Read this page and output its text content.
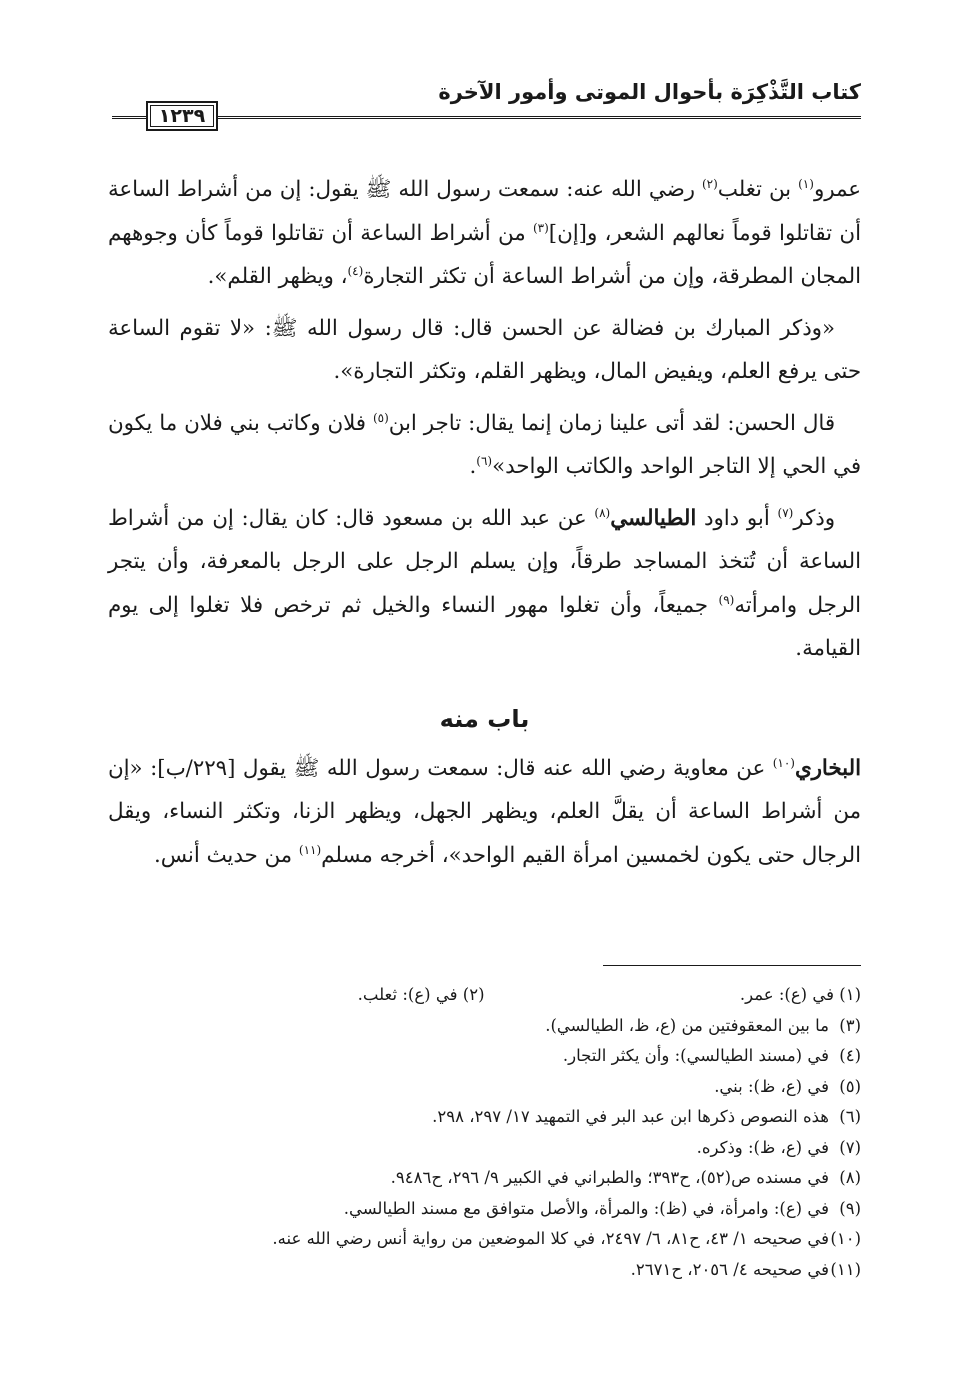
كتاب التَّذْكِرَة بأحوال الموتى وأمور الآخرة
١٢٣٩

عمرو$^{(١)}$ بن تغلب$^{(٢)}$ رضي الله عنه: سمعت رسول الله ﷺ يقول: إن من أشراط الساعة أن تقاتلوا قوماً نعالهم الشعر، و[إن]$^{(٣)}$ من أشراط الساعة أن تقاتلوا قوماً كأن وجوههم المجان المطرقة، وإن من أشراط الساعة أن تكثر التجارة$^{(٤)}$، ويظهر القلم».

«وذكر المبارك بن فضالة عن الحسن قال: قال رسول الله ﷺ: «لا تقوم الساعة حتى يرفع العلم، ويفيض المال، ويظهر القلم، وتكثر التجارة».

قال الحسن: لقد أتى علينا زمان إنما يقال: تاجر ابن$^{(٥)}$ فلان وكاتب بني فلان ما يكون في الحي إلا التاجر الواحد والكاتب الواحد»$^{(٦)}$.

وذكر$^{(٧)}$ أبو داود الطيالسي$^{(٨)}$ عن عبد الله بن مسعود قال: كان يقال: إن من أشراط الساعة أن تُتخذ المساجد طرقاً، وإن يسلم الرجل على الرجل بالمعرفة، وأن يتجر الرجل وامرأته$^{(٩)}$ جميعاً، وأن تغلوا مهور النساء والخيل ثم ترخص فلا تغلوا إلى يوم القيامة.

باب منه

البخاري$^{(١٠)}$ عن معاوية رضي الله عنه قال: سمعت رسول الله ﷺ يقول [٢٢٩/ب]: «إن من أشراط الساعة أن يقلَّ العلم، ويظهر الجهل، ويظهر الزنا، وتكثر النساء، ويقل الرجال حتى يكون لخمسين امرأة القيم الواحد»، أخرجه مسلم$^{(١١)}$ من حديث أنس.

(١) في (ع): عمر.
(٢) في (ع): ثعلب.
(٣)ما بين المعقوفتين من (ع، ظ، الطيالسي).
(٤)في (مسند الطيالسي): وأن يكثر التجار.
(٥)في (ع، ظ): بني.
(٦)هذه النصوص ذكرها ابن عبد البر في التمهيد ١٧/ ٢٩٧، ٢٩٨.
(٧)في (ع، ظ): وذكره.
(٨)في مسنده ص(٥٢)، ح٣٩٣؛ والطبراني في الكبير ٩/ ٢٩٦، ح٩٤٨٦.
(٩)في (ع): وامرأة، في (ظ): والمرأة، والأصل متوافق مع مسند الطيالسي.
(١٠)في صحيحه ١/ ٤٣، ح٨١، ٦/ ٢٤٩٧، في كلا الموضعين من رواية أنس رضي الله عنه.
(١١)في صحيحه ٤/ ٢٠٥٦، ح٢٦٧١.
